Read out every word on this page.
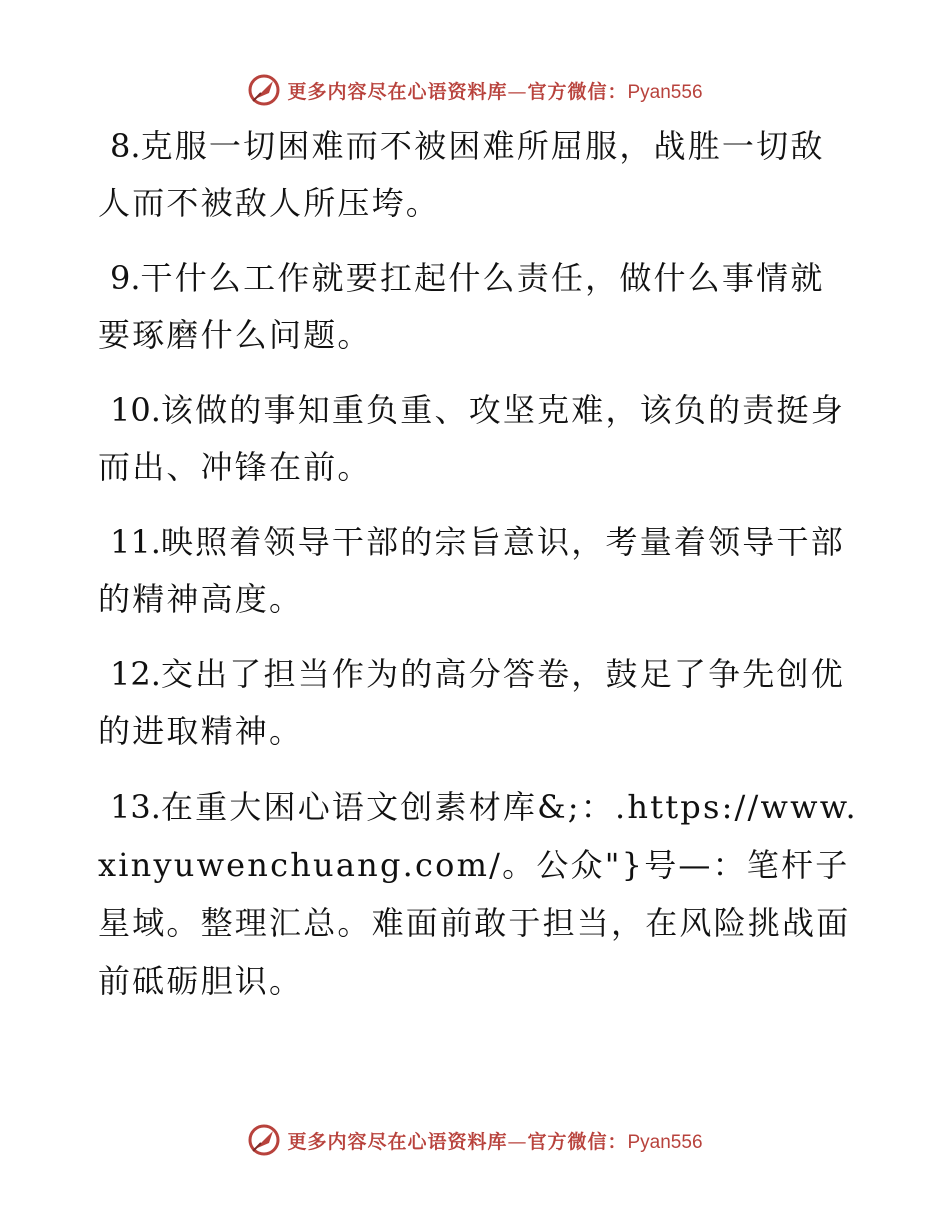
更多内容尽在心语资料库—官方微信：Pyan556

8.克服一切困难而不被困难所屈服，战胜一切敌人而不被敌人所压垮。

9.干什么工作就要扛起什么责任，做什么事情就要琢磨什么问题。

10.该做的事知重负重、攻坚克难，该负的责挺身而出、冲锋在前。

11.映照着领导干部的宗旨意识，考量着领导干部的精神高度。

12.交出了担当作为的高分答卷，鼓足了争先创优的进取精神。

13.在重大困心语文创素材库&;：.https://www.xinyuwenchuang.com/。公众"}号—：笔杆子星域。整理汇总。难面前敢于担当，在风险挑战面前砥砺胆识。

更多内容尽在心语资料库—官方微信：Pyan556
